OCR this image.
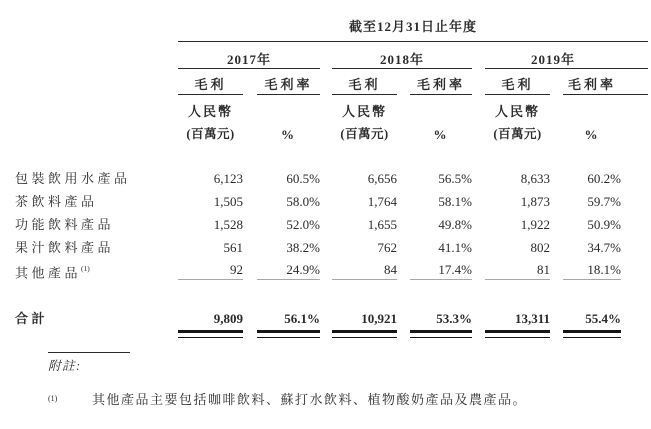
截至12月31日止年度
2017年	2018年	2019年
毛利	毛利率	毛利	毛利率	毛利	毛利率
人民幣	人民幣	人民幣
(百萬元)	%	(百萬元)	%	(百萬元)	%
包裝飲用水產品	6,123	60.5%	6,656	56.5%	8,633	60.2%
茶飲料產品	1,505	58.0%	1,764	58.1%	1,873	59.7%
功能飲料產品	1,528	52.0%	1,655	49.8%	1,922	50.9%
果汁飲料產品	561	38.2%	762	41.1%	802	34.7%
其他產品$^{(1)}$	92	24.9%	84	17.4%	81	18.1%
合計	9,809	56.1%	10,921	53.3%	13,311	55.4%
附註:
(1)	其他產品主要包括咖啡飲料、蘇打水飲料、植物酸奶產品及農產品。
